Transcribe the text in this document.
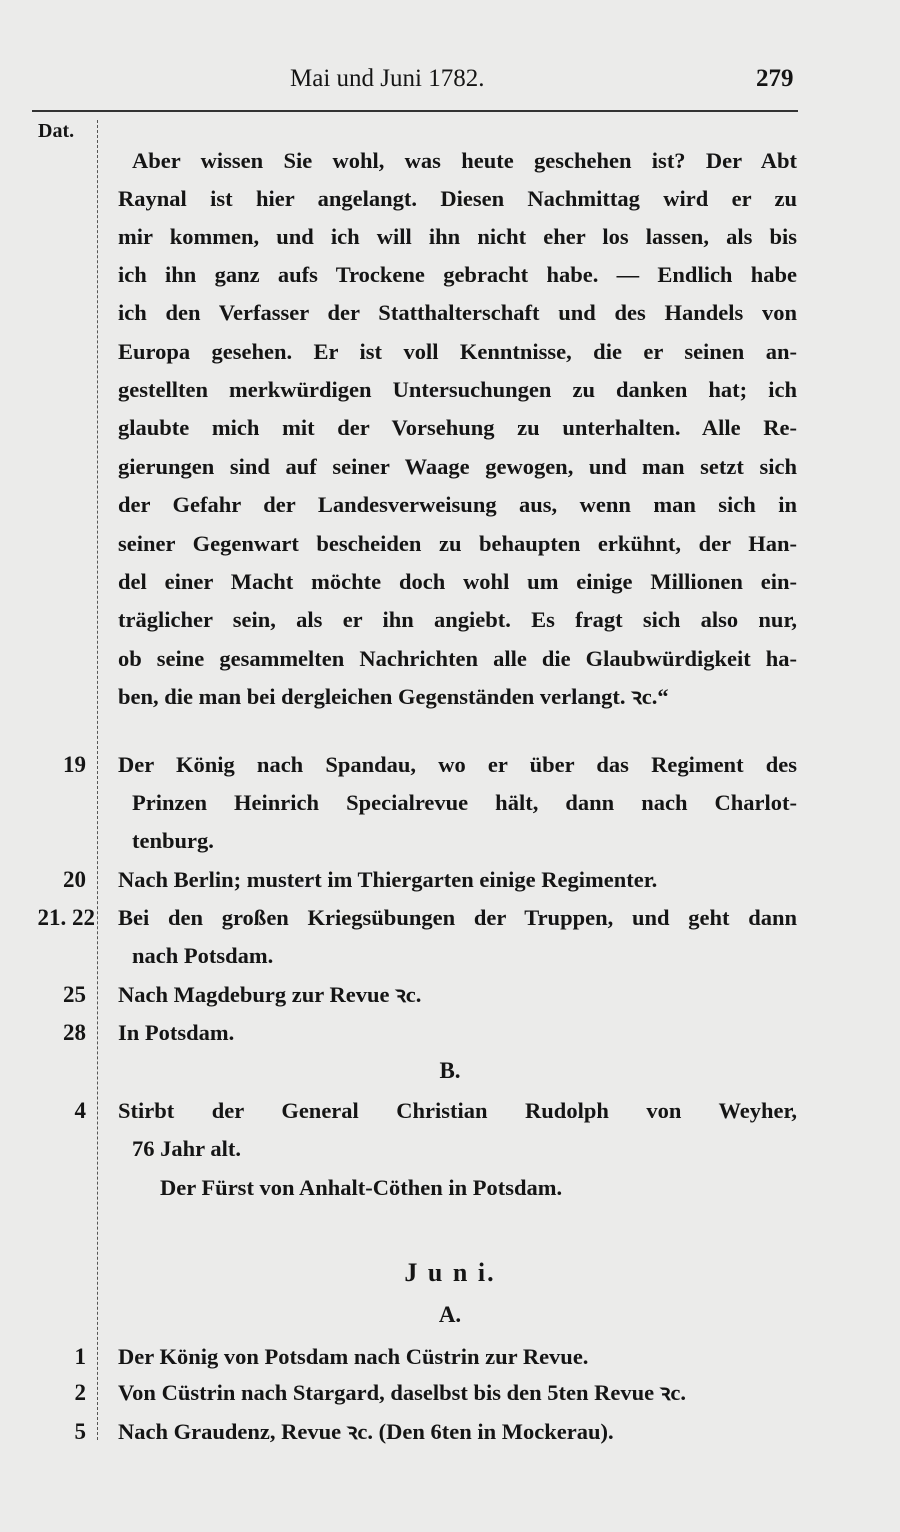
Mai und Juni 1782.	279
Dat.
Aber wissen Sie wohl, was heute geschehen ist? Der Abt
Raynal ist hier angelangt. Diesen Nachmittag wird er zu
mir kommen, und ich will ihn nicht eher los lassen, als bis
ich ihn ganz aufs Trockene gebracht habe. — Endlich habe
ich den Verfasser der Statthalterschaft und des Handels von
Europa gesehen. Er ist voll Kenntnisse, die er seinen an-
gestellten merkwürdigen Untersuchungen zu danken hat; ich
glaubte mich mit der Vorsehung zu unterhalten. Alle Re-
gierungen sind auf seiner Waage gewogen, und man setzt sich
der Gefahr der Landesverweisung aus, wenn man sich in
seiner Gegenwart bescheiden zu behaupten erkühnt, der Han-
del einer Macht möchte doch wohl um einige Millionen ein-
träglicher sein, als er ihn angiebt. Es fragt sich also nur,
ob seine gesammelten Nachrichten alle die Glaubwürdigkeit ha-
ben, die man bei dergleichen Gegenständen verlangt. ꝛc.“
19 Der König nach Spandau, wo er über das Regiment des
Prinzen Heinrich Specialrevue hält, dann nach Charlot-
tenburg.
20 Nach Berlin; mustert im Thiergarten einige Regimenter.
21. 22 Bei den großen Kriegsübungen der Truppen, und geht dann
nach Potsdam.
25 Nach Magdeburg zur Revue ꝛc.
28 In Potsdam.
B.
4 Stirbt der General Christian Rudolph von Weyher,
76 Jahr alt.
Der Fürst von Anhalt-Cöthen in Potsdam.
J u n i.
A.
1 Der König von Potsdam nach Cüstrin zur Revue.
2 Von Cüstrin nach Stargard, daselbst bis den 5ten Revue ꝛc.
5 Nach Graudenz, Revue ꝛc. (Den 6ten in Mockerau).
